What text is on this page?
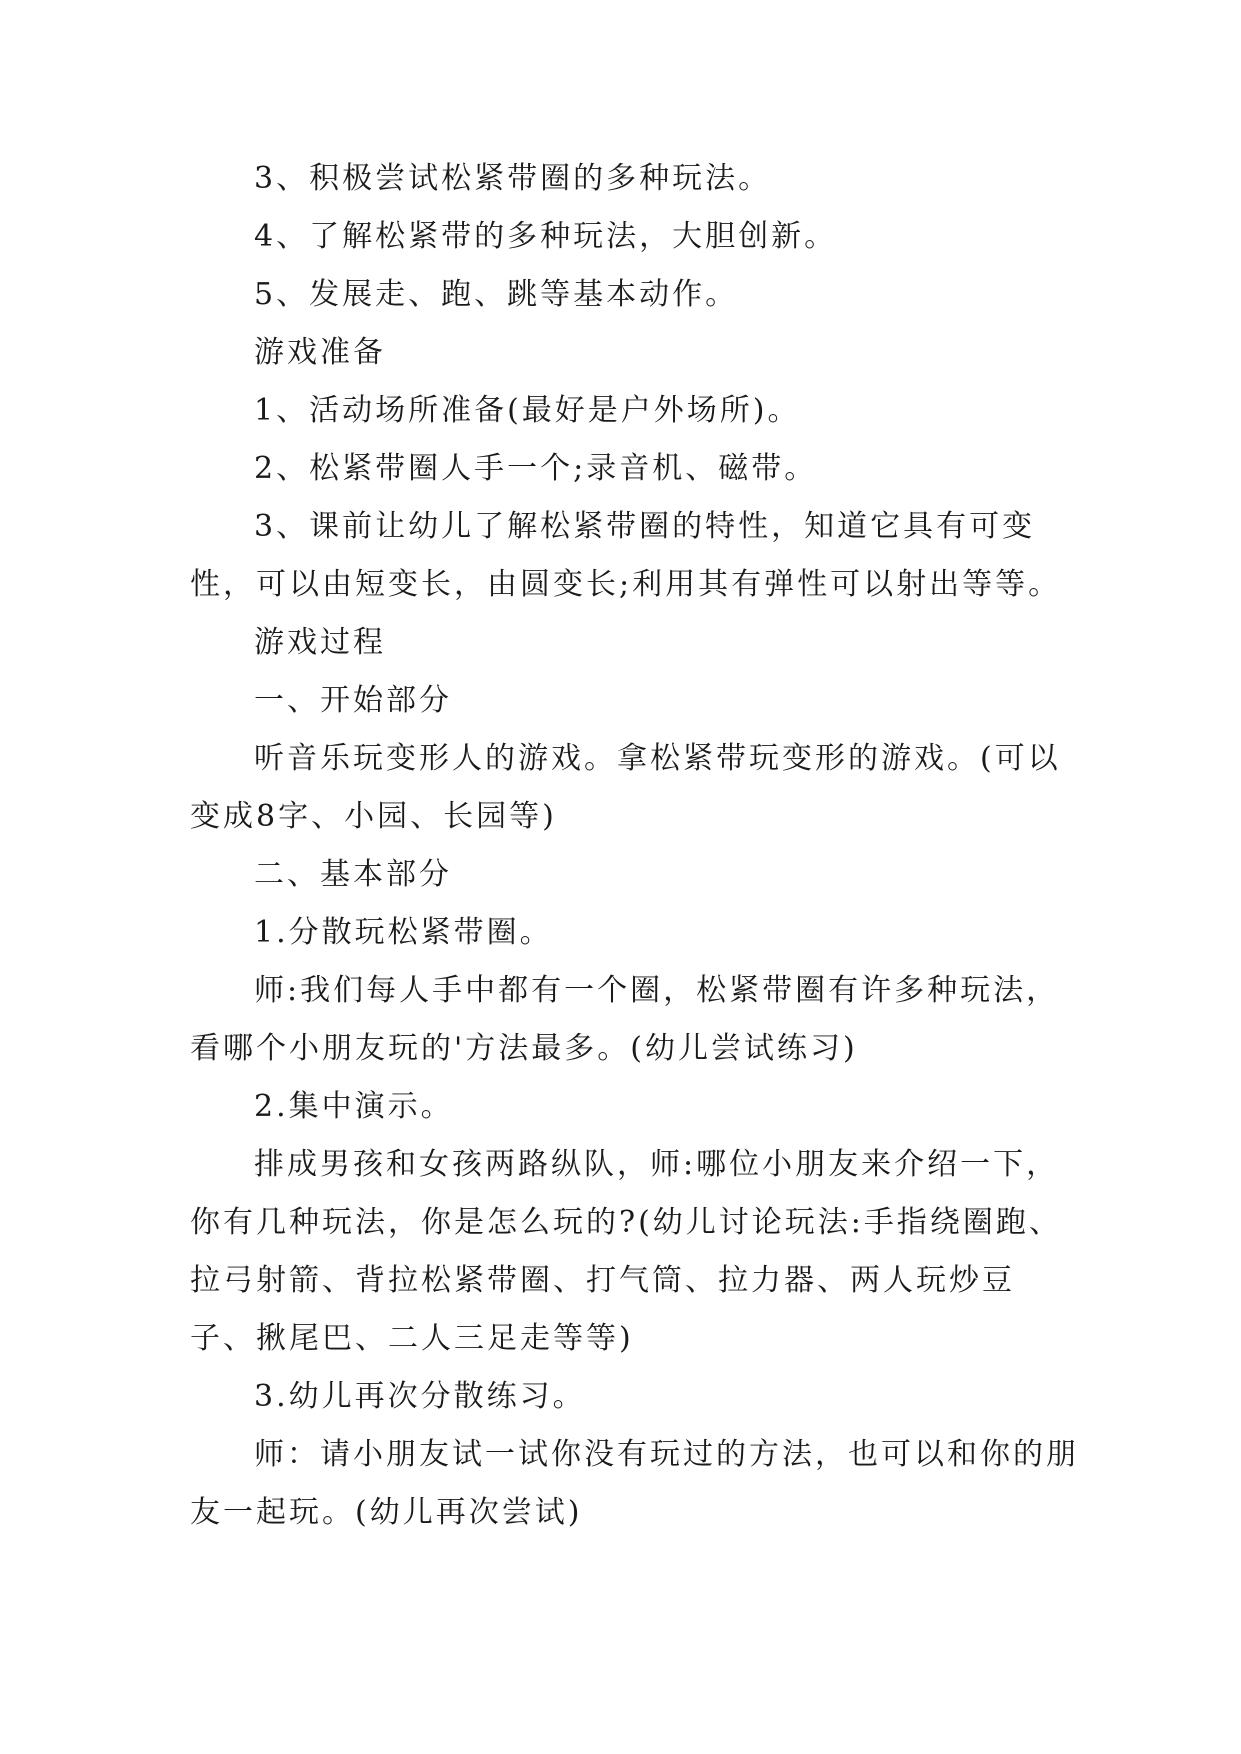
3、积极尝试松紧带圈的多种玩法。

4、了解松紧带的多种玩法，大胆创新。

5、发展走、跑、跳等基本动作。

游戏准备

1、活动场所准备(最好是户外场所)。

2、松紧带圈人手一个;录音机、磁带。

3、课前让幼儿了解松紧带圈的特性，知道它具有可变性，可以由短变长，由圆变长;利用其有弹性可以射出等等。

游戏过程

一、开始部分

听音乐玩变形人的游戏。拿松紧带玩变形的游戏。(可以变成8字、小园、长园等)

二、基本部分

1.分散玩松紧带圈。

师:我们每人手中都有一个圈，松紧带圈有许多种玩法，看哪个小朋友玩的'方法最多。(幼儿尝试练习)

2.集中演示。

排成男孩和女孩两路纵队，师:哪位小朋友来介绍一下，你有几种玩法，你是怎么玩的?(幼儿讨论玩法:手指绕圈跑、拉弓射箭、背拉松紧带圈、打气筒、拉力器、两人玩炒豆子、揪尾巴、二人三足走等等)

3.幼儿再次分散练习。

师：请小朋友试一试你没有玩过的方法，也可以和你的朋友一起玩。(幼儿再次尝试)
